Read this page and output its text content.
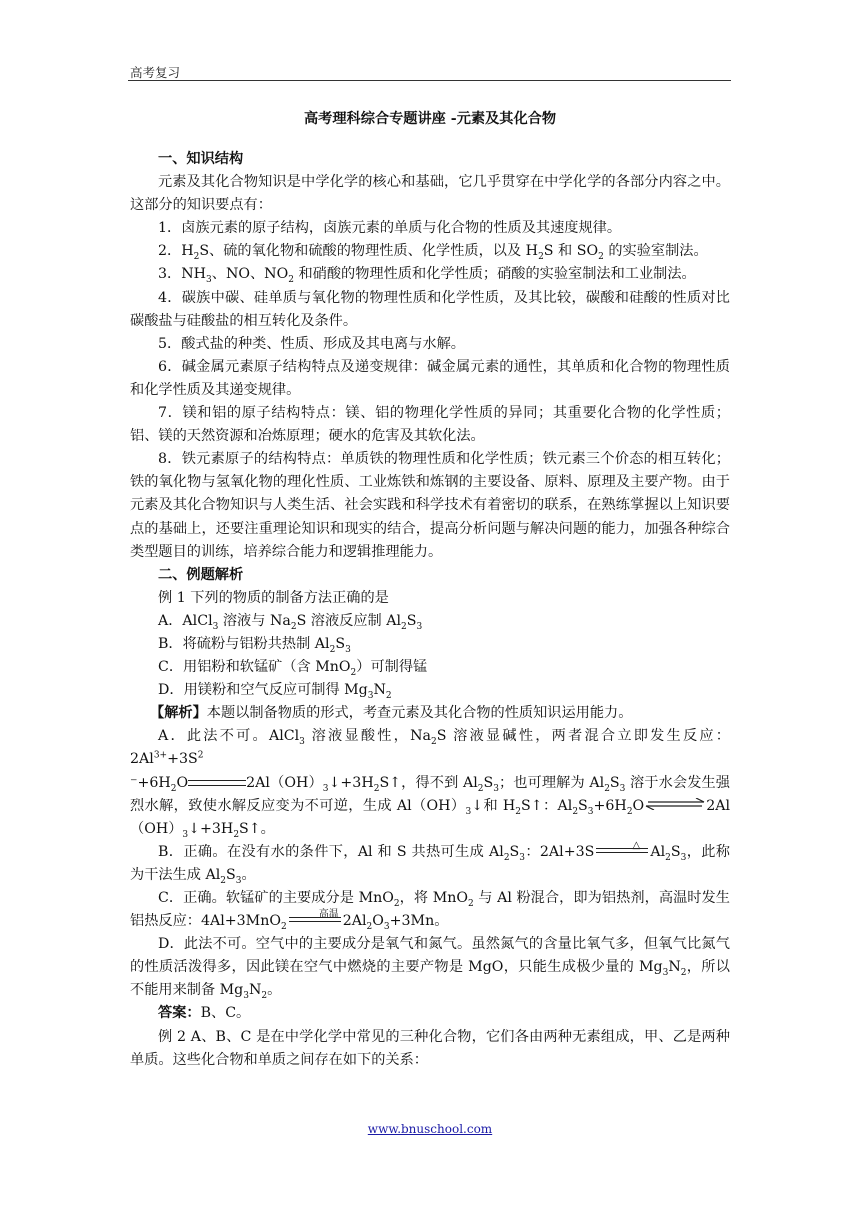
高考复习
高考理科综合专题讲座 -元素及其化合物

一、知识结构

元素及其化合物知识是中学化学的核心和基础，它几乎贯穿在中学化学的各部分内容之中。这部分的知识要点有：

1．卤族元素的原子结构，卤族元素的单质与化合物的性质及其速度规律。

2．$H_2S$、硫的氧化物和硫酸的物理性质、化学性质，以及 $H_2S$ 和 $SO_2$ 的实验室制法。

3．$NH_3$、NO、$NO_2$ 和硝酸的物理性质和化学性质；硝酸的实验室制法和工业制法。

4．碳族中碳、硅单质与氧化物的物理性质和化学性质，及其比较，碳酸和硅酸的性质对比碳酸盐与硅酸盐的相互转化及条件。

5．酸式盐的种类、性质、形成及其电离与水解。

6．碱金属元素原子结构特点及递变规律：碱金属元素的通性，其单质和化合物的物理性质和化学性质及其递变规律。

7．镁和铝的原子结构特点：镁、铝的物理化学性质的异同；其重要化合物的化学性质；铝、镁的天然资源和冶炼原理；硬水的危害及其软化法。

8．铁元素原子的结构特点：单质铁的物理性质和化学性质；铁元素三个价态的相互转化；铁的氧化物与氢氧化物的理化性质、工业炼铁和炼钢的主要设备、原料、原理及主要产物。由于元素及其化合物知识与人类生活、社会实践和科学技术有着密切的联系，在熟练掌握以上知识要点的基础上，还要注重理论知识和现实的结合，提高分析问题与解决问题的能力，加强各种综合类型题目的训练，培养综合能力和逻辑推理能力。

二、例题解析

例 1 下列的物质的制备方法正确的是

A．AlCl$_3$ 溶液与 $Na_2S$ 溶液反应制 $Al_2S_3$

B．将硫粉与铝粉共热制 $Al_2S_3$

C．用铝粉和软锰矿（含 MnO$_2$）可制得锰

D．用镁粉和空气反应可制得 $Mg_3N_2$

【解析】本题以制备物质的形式，考查元素及其化合物的性质知识运用能力。

A．此法不可。AlCl$_3$ 溶液显酸性，$Na_2S$ 溶液显碱性，两者混合立即发生反应：$2Al^{3+}+3S^2$
$^-+6H_2O$	$2Al(OH)_3↓+3H_2S↑$，得不到 $Al_2S_3$；也可理解为 $Al_2S_3$ 溶于水会发生强烈水解，致使水解反应变为不可逆，生成 $Al(OH)_3↓$和 $H_2S↑$：$Al_2S_3+6H_2O$	$2Al(OH)_3↓+3H_2S↑$。

B．正确。在没有水的条件下，Al 和 S 共热可生成 $Al_2S_3$：2Al+3S	△ $Al_2S_3$，此称为干法生成 $Al_2S_3$。

C．正确。软锰矿的主要成分是 MnO$_2$，将 MnO$_2$ 与 Al 粉混合，即为铝热剂，高温时发生铝热反应：4Al+3MnO$_2$
高温 $2Al_2O_3+3Mn$。

D．此法不可。空气中的主要成分是氧气和氮气。虽然氮气的含量比氧气多，但氧气比氮气的性质活泼得多，因此镁在空气中燃烧的主要产物是 MgO，只能生成极少量的 $Mg_3N_2$，所以不能用来制备 $Mg_3N_2$。

答案：B、C。

例 2 A、B、C 是在中学化学中常见的三种化合物，它们各由两种无素组成，甲、乙是两种单质。这些化合物和单质之间存在如下的关系：

www.bnuschool.com
